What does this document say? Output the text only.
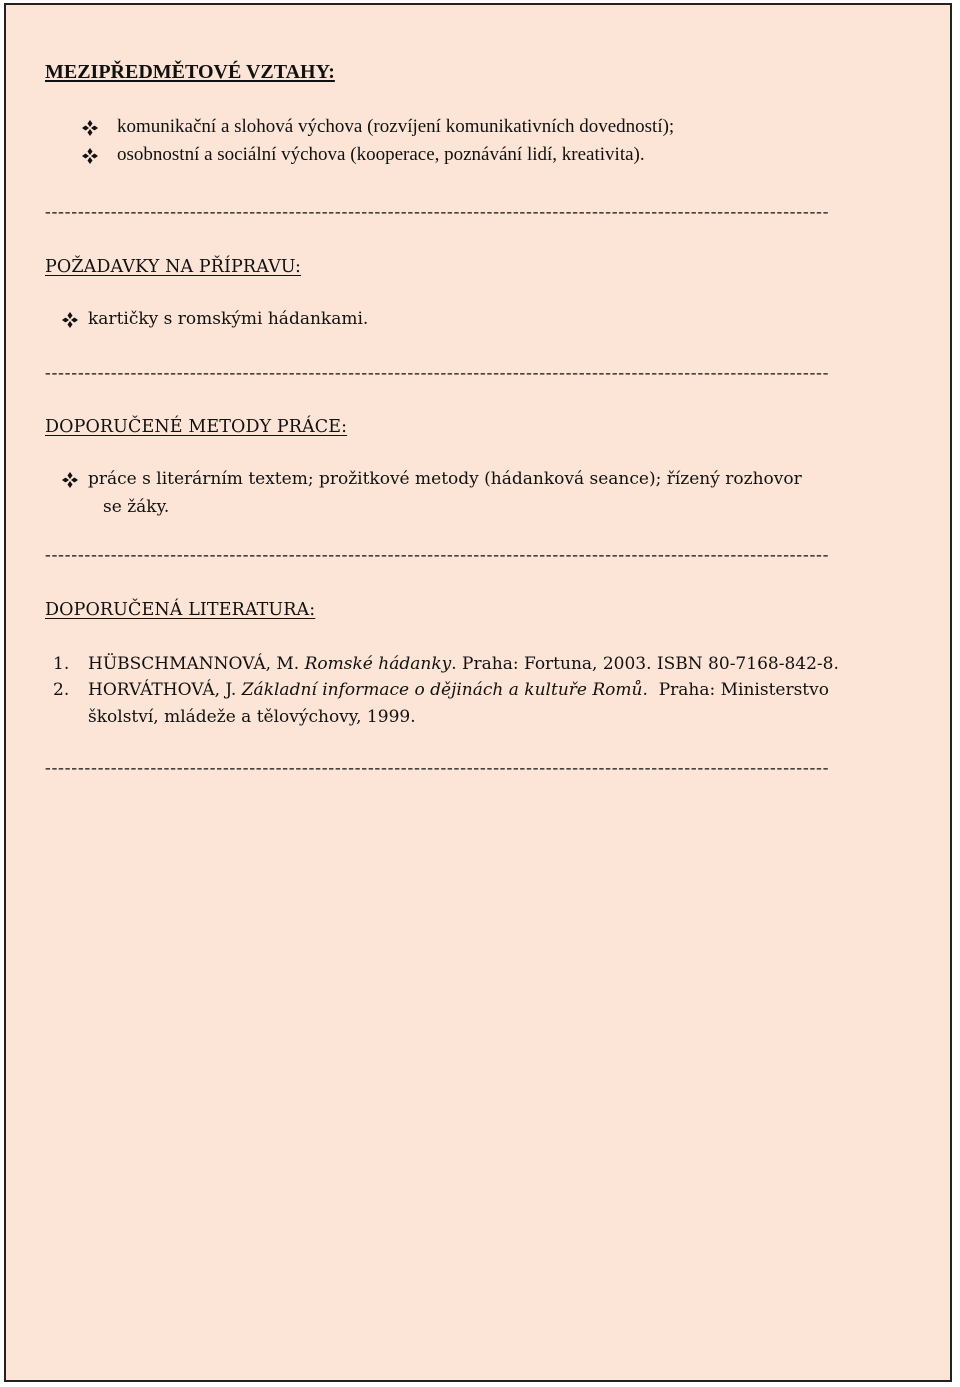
MEZIPŘEDMĚTOVÉ VZTAHY:
komunikační a slohová výchova (rozvíjení komunikativních dovedností);
osobnostní a sociální výchova (kooperace, poznávání lidí, kreativita).
-----------------------------------------------------------------------------------------------------------------------
POŽADAVKY NA PŘÍPRAVU:
kartičky s romskými hádankami.
-----------------------------------------------------------------------------------------------------------------------
DOPORUČENÉ METODY PRÁCE:
práce s literárním textem; prožitkové metody (hádanková seance); řízený rozhovor
se žáky.
-----------------------------------------------------------------------------------------------------------------------
DOPORUČENÁ LITERATURA:
1. HÜBSCHMANNOVÁ, M. Romské hádanky. Praha: Fortuna, 2003. ISBN 80-7168-842-8.
2. HORVÁTHOVÁ, J. Základní informace o dějinách a kultuře Romů.  Praha: Ministerstvo
školství, mládeže a tělovýchovy, 1999.
-----------------------------------------------------------------------------------------------------------------------
